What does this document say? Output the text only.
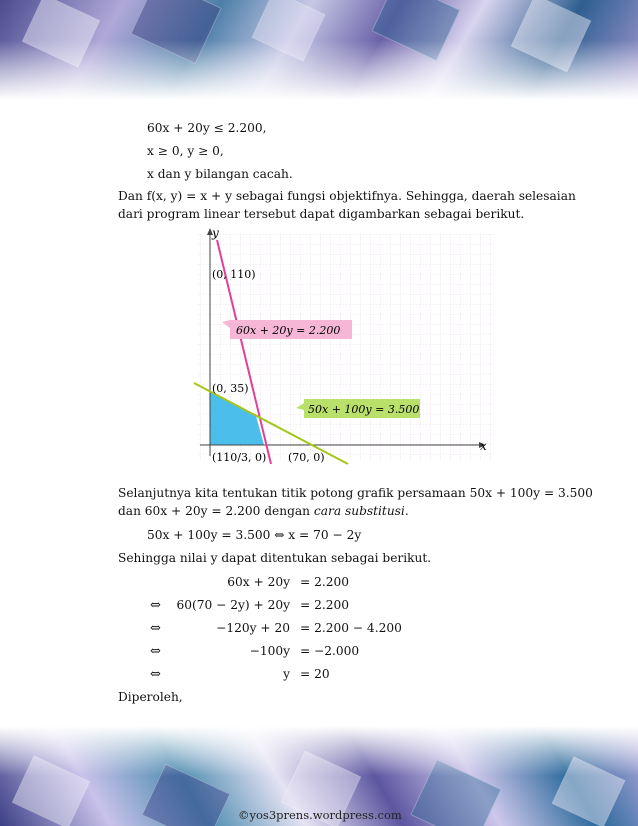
60x + 20y ≤ 2.200,
x ≥ 0, y ≥ 0,
x dan y bilangan cacah.
Dan f(x, y) = x + y sebagai fungsi objektifnya. Sehingga, daerah selesaian
dari program linear tersebut dapat digambarkan sebagai berikut.
y
x
(0, 110)
(0, 35)
(110/3, 0) (70, 0)
60x + 20y = 2.200
50x + 100y = 3.500
Selanjutnya kita tentukan titik potong grafik persamaan 50x + 100y = 3.500
dan 60x + 20y = 2.200 dengan cara substitusi.
50x + 100y = 3.500 ⇔ x = 70 − 2y
Sehingga nilai y dapat ditentukan sebagai berikut.
60x + 20y = 2.200
⇔	60(70 − 2y) + 20y = 2.200
⇔	−120y + 20 = 2.200 − 4.200
⇔	−100y = −2.000
⇔	y = 20
Diperoleh,
©yos3prens.wordpress.com
